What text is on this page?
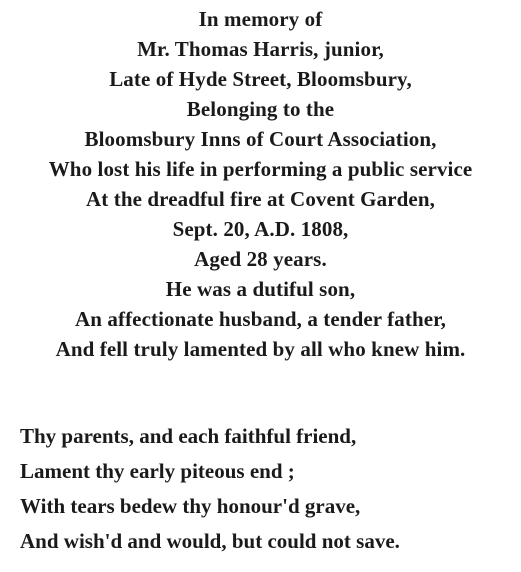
In memory of
Mr. Thomas Harris, junior,
Late of Hyde Street, Bloomsbury,
Belonging to the
Bloomsbury Inns of Court Association,
Who lost his life in performing a public service
At the dreadful fire at Covent Garden,
Sept. 20, A.D. 1808,
Aged 28 years.
He was a dutiful son,
An affectionate husband, a tender father,
And fell truly lamented by all who knew him.
Thy parents, and each faithful friend,
Lament thy early piteous end ;
With tears bedew thy honour'd grave,
And wish'd and would, but could not save.
